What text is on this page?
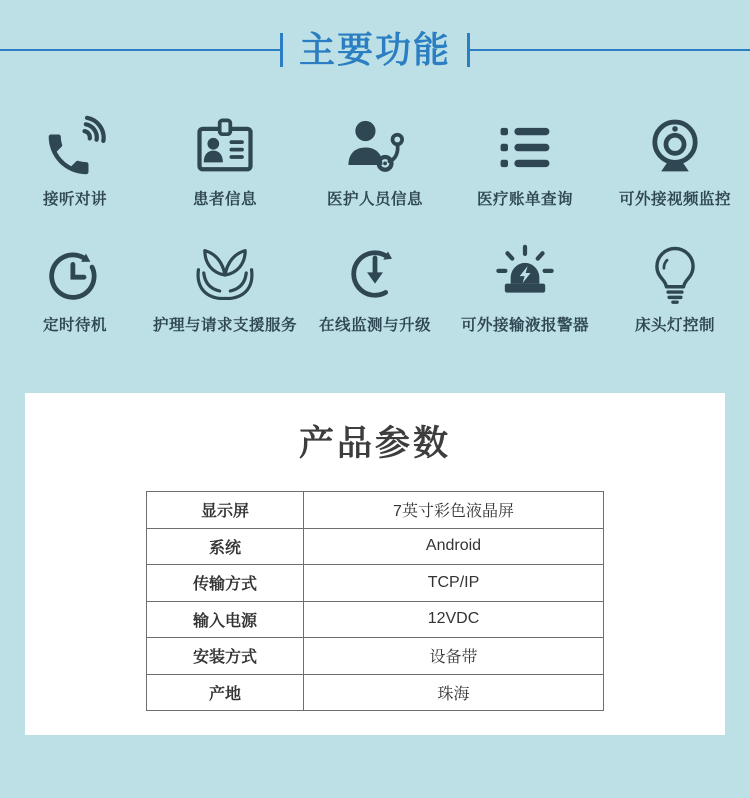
主要功能
接听对讲	患者信息	医护人员信息	医疗账单查询	可外接视频监控
定时待机	护理与请求支援服务 在线监测与升级 可外接输液报警器	床头灯控制
产品参数
显示屏	7英寸彩色液晶屏
系统	Android
传输方式	TCP/IP
输入电源	12VDC
安装方式	设备带
产地	珠海
